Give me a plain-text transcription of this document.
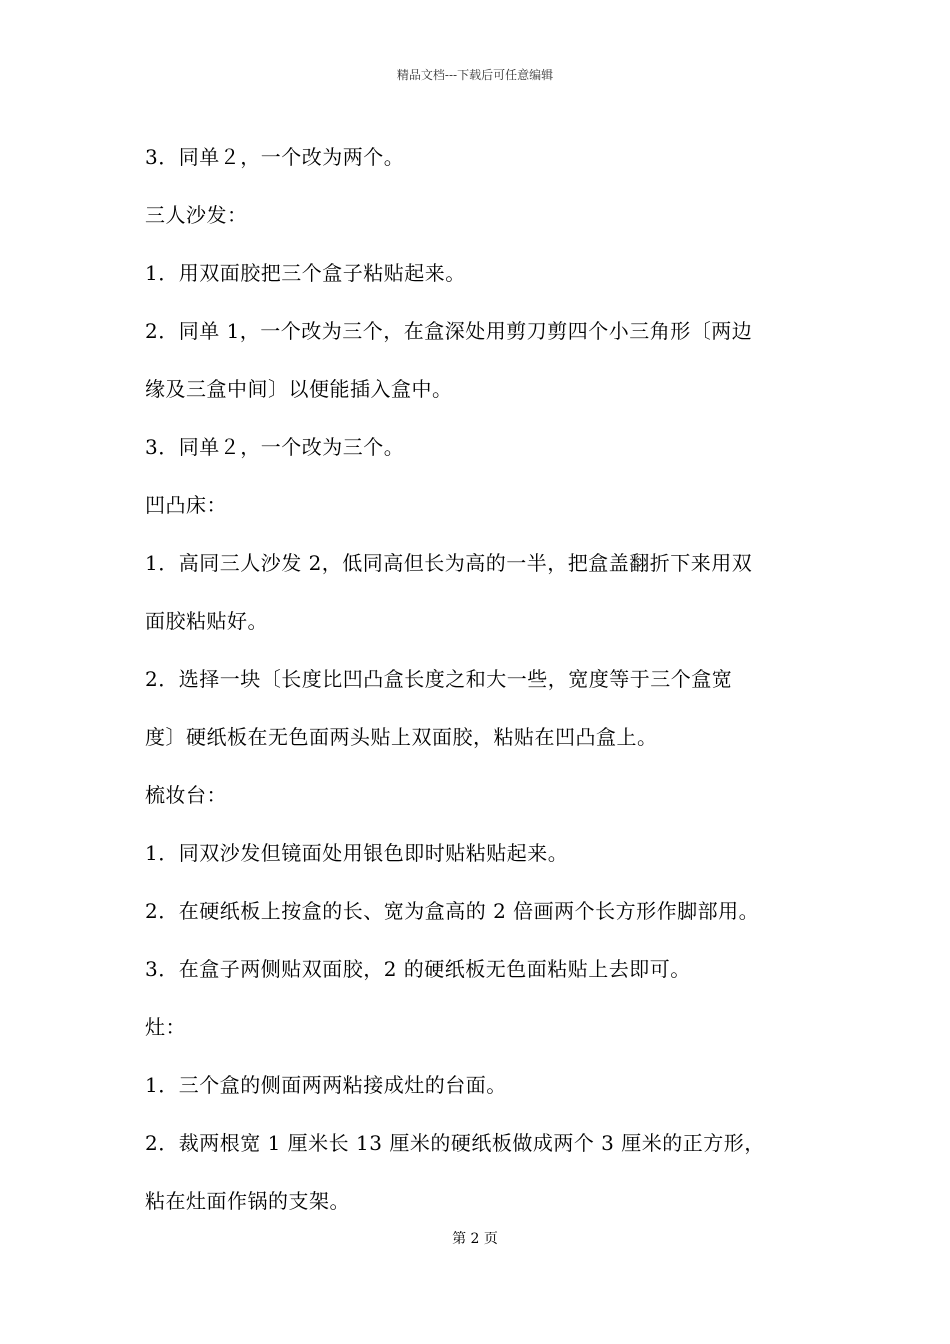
精品文档---下载后可任意编辑
3．同单２，一个改为两个。
三人沙发：
1．用双面胶把三个盒子粘贴起来。
2．同单 1，一个改为三个，在盒深处用剪刀剪四个小三角形〔两边
缘及三盒中间〕以便能插入盒中。
3．同单２，一个改为三个。
凹凸床：
1．高同三人沙发 2，低同高但长为高的一半，把盒盖翻折下来用双
面胶粘贴好。
2．选择一块〔长度比凹凸盒长度之和大一些，宽度等于三个盒宽
度〕硬纸板在无色面两头贴上双面胶，粘贴在凹凸盒上。
梳妆台：
1．同双沙发但镜面处用银色即时贴粘贴起来。
2．在硬纸板上按盒的长、宽为盒高的 2 倍画两个长方形作脚部用。
3．在盒子两侧贴双面胶，2 的硬纸板无色面粘贴上去即可。
灶：
1．三个盒的侧面两两粘接成灶的台面。
2．裁两根宽 1 厘米长 13 厘米的硬纸板做成两个 3 厘米的正方形，
粘在灶面作锅的支架。
第 2 页
